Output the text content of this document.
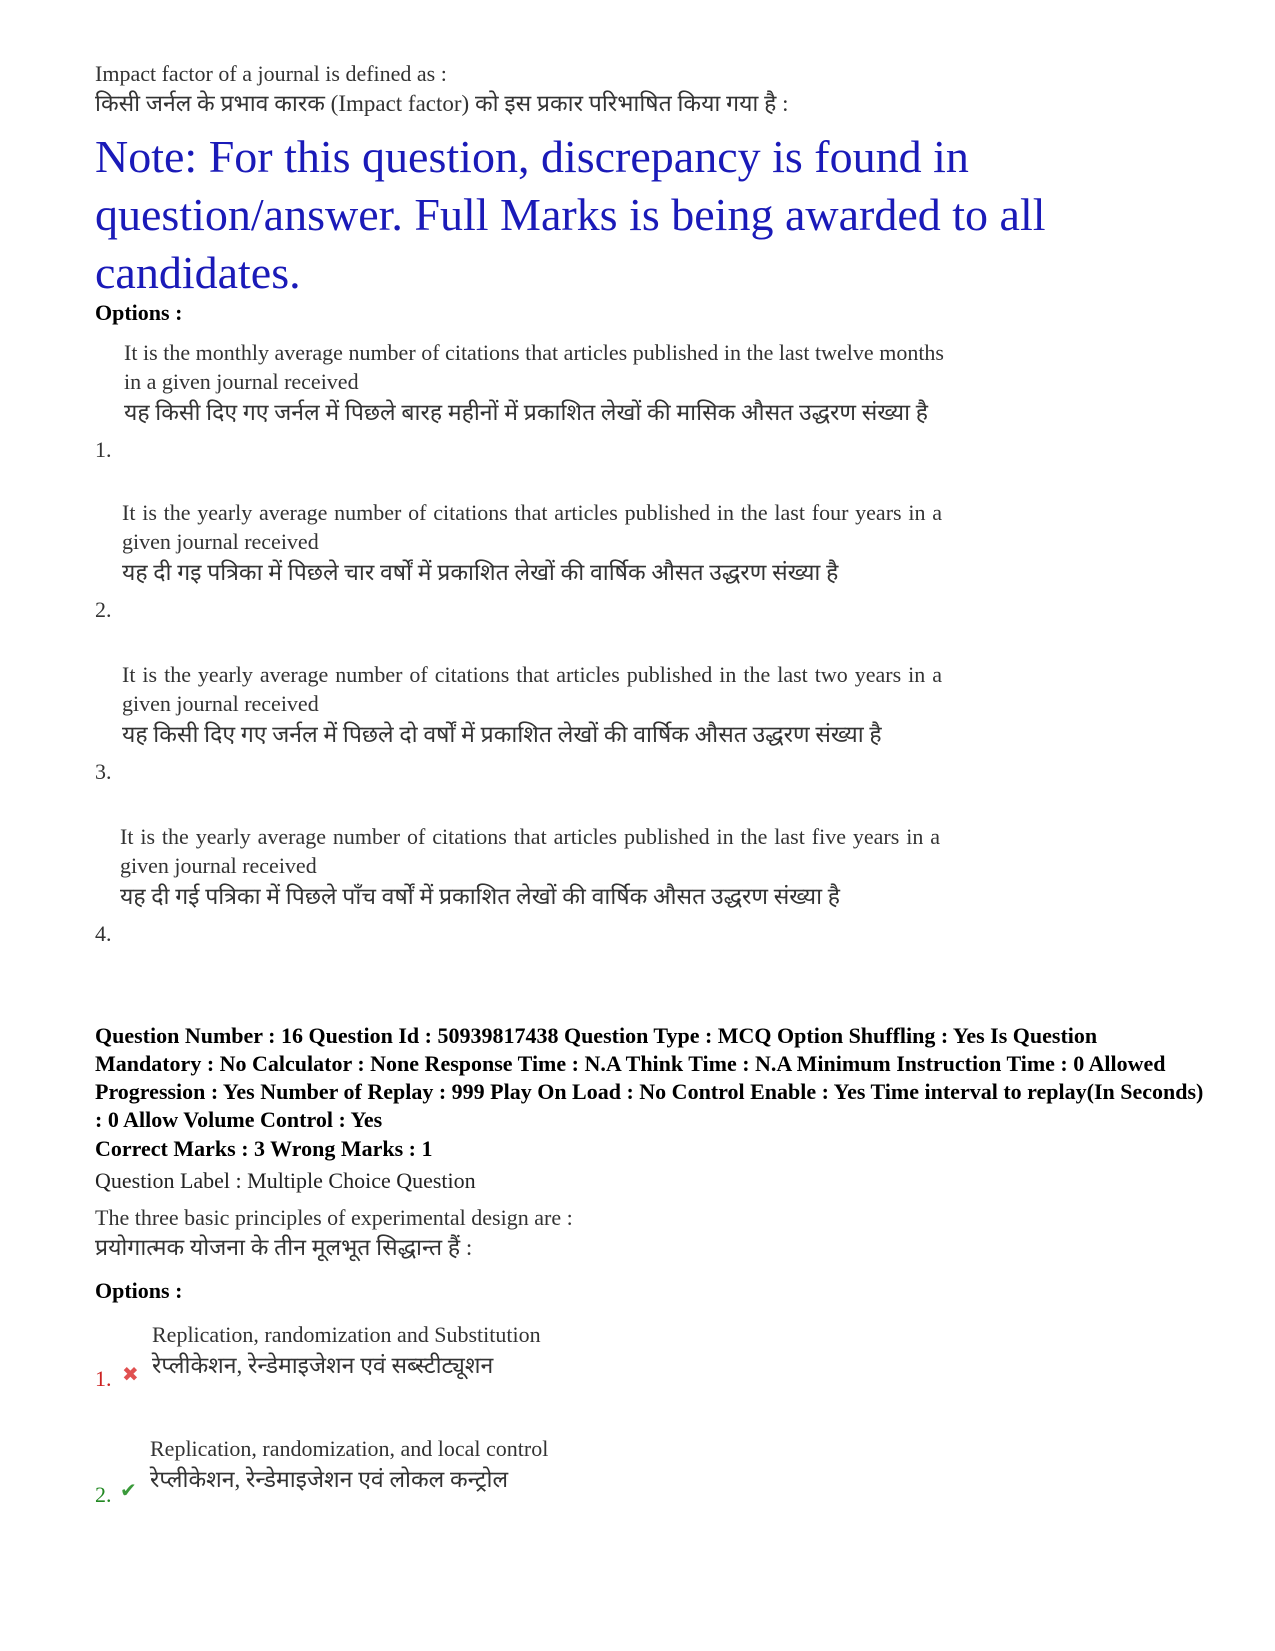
Impact factor of a journal is defined as :
किसी जर्नल के प्रभाव कारक (Impact factor) को इस प्रकार परिभाषित किया गया है :
Note: For this question, discrepancy is found in question/answer. Full Marks is being awarded to all candidates.
Options :
It is the monthly average number of citations that articles published in the last twelve months in a given journal received
यह किसी दिए गए जर्नल में पिछले बारह महीनों में प्रकाशित लेखों की मासिक औसत उद्धरण संख्या है
1.
It is the yearly average number of citations that articles published in the last four years in a given journal received
यह दी गइ पत्रिका में पिछले चार वर्षों में प्रकाशित लेखों की वार्षिक औसत उद्धरण संख्या है
2.
It is the yearly average number of citations that articles published in the last two years in a given journal received
यह किसी दिए गए जर्नल में पिछले दो वर्षों में प्रकाशित लेखों की वार्षिक औसत उद्धरण संख्या है
3.
It is the yearly average number of citations that articles published in the last five years in a given journal received
यह दी गई पत्रिका में पिछले पाँच वर्षों में प्रकाशित लेखों की वार्षिक औसत उद्धरण संख्या है
4.
Question Number : 16 Question Id : 50939817438 Question Type : MCQ Option Shuffling : Yes Is Question Mandatory : No Calculator : None Response Time : N.A Think Time : N.A Minimum Instruction Time : 0 Allowed Progression : Yes Number of Replay : 999 Play On Load : No Control Enable : Yes Time interval to replay(In Seconds) : 0 Allow Volume Control : Yes
Correct Marks : 3 Wrong Marks : 1
Question Label : Multiple Choice Question
The three basic principles of experimental design are :
प्रयोगात्मक योजना के तीन मूलभूत सिद्धान्त हैं :
Options :
Replication, randomization and Substitution
रेप्लीकेशन, रेन्डेमाइजेशन एवं सब्स्टीट्यूशन
1. ✖
Replication, randomization, and local control
रेप्लीकेशन, रेन्डेमाइजेशन एवं लोकल कन्ट्रोल
2. ✔
